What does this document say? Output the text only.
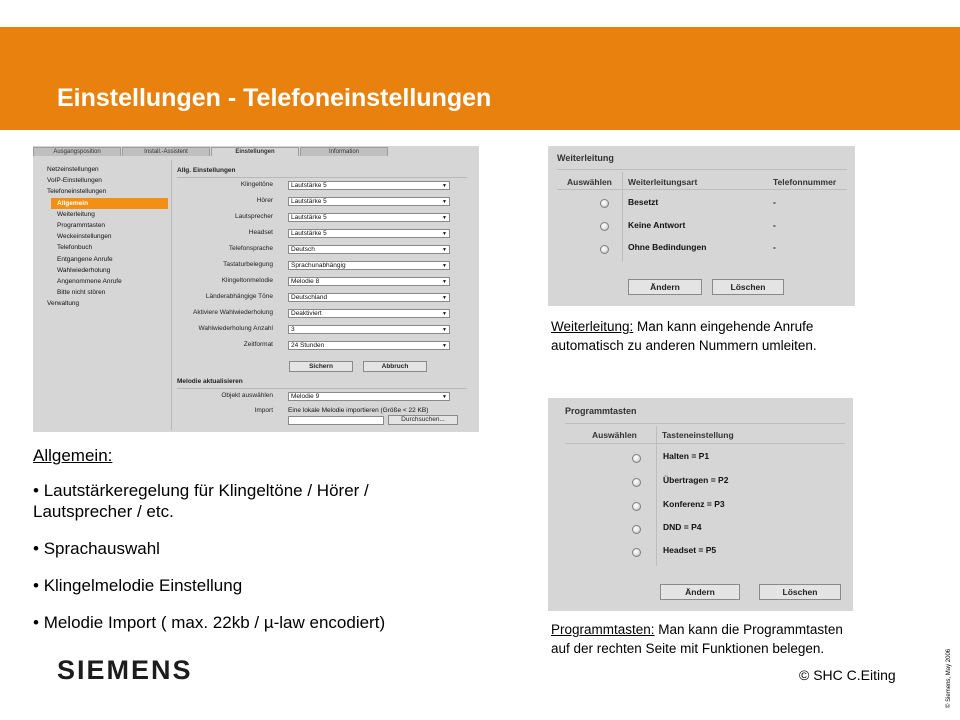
Einstellungen - Telefoneinstellungen
Ausgangsposition	Install.-Assistent	Einstellungen	Information
Netzeinstellungen
VoIP-Einstellungen
Telefoneinstellungen
Allgemein
Weiterleitung
Programmtasten
Weckeinstellungen
Telefonbuch
Entgangene Anrufe
Wahlwiederholung
Angenommene Anrufe
Bitte nicht stören
Verwaltung
Allg. Einstellungen
Klingeltöne	Lautstärke 5	▼
Hörer	Lautstärke 5	▼
Lautsprecher	Lautstärke 5	▼
Headset	Lautstärke 5	▼
Telefonsprache	Deutsch	▼
Tastaturbelegung	Sprachunabhängig	▼
Klingeltonmelodie	Melodie 8	▼
Länderabhängige Töne	Deutschland	▼
Aktiviere Wahlwiederholung	Deaktiviert	▼
Wahlwiederholung Anzahl	3	▼
Zeitformat	24 Stunden	▼
Sichern	Abbruch
Melodie aktualisieren
Objekt auswählen	Melodie 9	▼
Import Eine lokale Melodie importieren (Größe < 22 KB)
Durchsuchen...
Allgemein:
• Lautstärkeregelung für Klingeltöne / Hörer / Lautsprecher / etc.
• Sprachauswahl
• Klingelmelodie Einstellung
• Melodie Import ( max. 22kb / µ-law encodiert)
Weiterleitung
Auswählen Weiterleitungsart	Telefonnummer
Besetzt	-
Keine Antwort	-
Ohne Bedindungen	-
Ändern	Löschen
Weiterleitung: Man kann eingehende Anrufe automatisch zu anderen Nummern umleiten.
Programmtasten
Auswählen	Tasteneinstellung
Halten = P1
Übertragen = P2
Konferenz = P3
DND = P4
Headset = P5
Ändern	Löschen
Programmtasten: Man kann die Programmtasten auf der rechten Seite mit Funktionen belegen.
SIEMENS	© SHC C.Eiting	© Siemens, May 2006
